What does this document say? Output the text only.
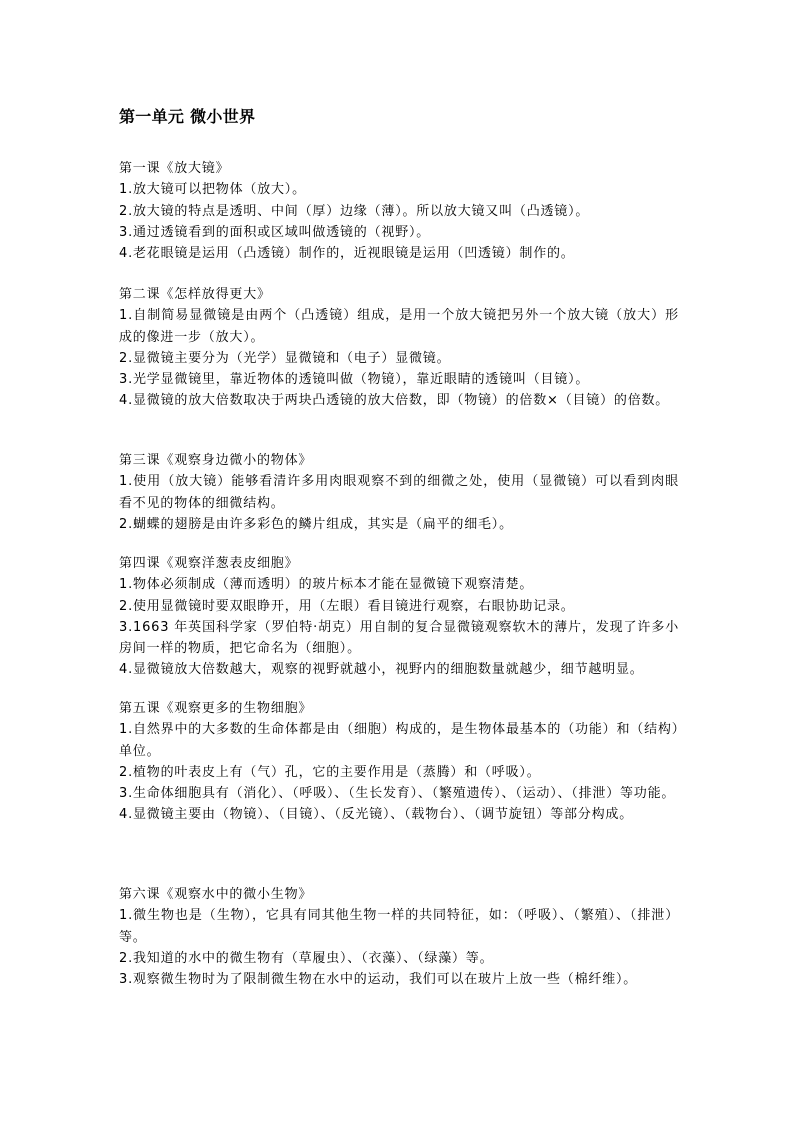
第一单元 微小世界

第一课《放大镜》

1.放大镜可以把物体（放大）。

2.放大镜的特点是透明、中间（厚）边缘（薄）。所以放大镜又叫（凸透镜）。

3.通过透镜看到的面积或区域叫做透镜的（视野）。

4.老花眼镜是运用（凸透镜）制作的，近视眼镜是运用（凹透镜）制作的。

第二课《怎样放得更大》

1.自制简易显微镜是由两个（凸透镜）组成，是用一个放大镜把另外一个放大镜（放大）形成的像进一步（放大）。

2.显微镜主要分为（光学）显微镜和（电子）显微镜。

3.光学显微镜里，靠近物体的透镜叫做（物镜），靠近眼睛的透镜叫（目镜）。

4.显微镜的放大倍数取决于两块凸透镜的放大倍数，即（物镜）的倍数×（目镜）的倍数。

第三课《观察身边微小的物体》

1.使用（放大镜）能够看清许多用肉眼观察不到的细微之处，使用（显微镜）可以看到肉眼看不见的物体的细微结构。

2.蝴蝶的翅膀是由许多彩色的鳞片组成，其实是（扁平的细毛）。

第四课《观察洋葱表皮细胞》

1.物体必须制成（薄而透明）的玻片标本才能在显微镜下观察清楚。

2.使用显微镜时要双眼睁开，用（左眼）看目镜进行观察，右眼协助记录。

3.1663 年英国科学家（罗伯特·胡克）用自制的复合显微镜观察软木的薄片，发现了许多小房间一样的物质，把它命名为（细胞）。

4.显微镜放大倍数越大，观察的视野就越小，视野内的细胞数量就越少，细节越明显。

第五课《观察更多的生物细胞》

1.自然界中的大多数的生命体都是由（细胞）构成的，是生物体最基本的（功能）和（结构）单位。

2.植物的叶表皮上有（气）孔，它的主要作用是（蒸腾）和（呼吸）。

3.生命体细胞具有（消化）、（呼吸）、（生长发育）、（繁殖遗传）、（运动）、（排泄）等功能。

4.显微镜主要由（物镜）、（目镜）、（反光镜）、（载物台）、（调节旋钮）等部分构成。

第六课《观察水中的微小生物》

1.微生物也是（生物），它具有同其他生物一样的共同特征，如：（呼吸）、（繁殖）、（排泄）等。

2.我知道的水中的微生物有（草履虫）、（衣藻）、（绿藻）等。

3.观察微生物时为了限制微生物在水中的运动，我们可以在玻片上放一些（棉纤维）。
